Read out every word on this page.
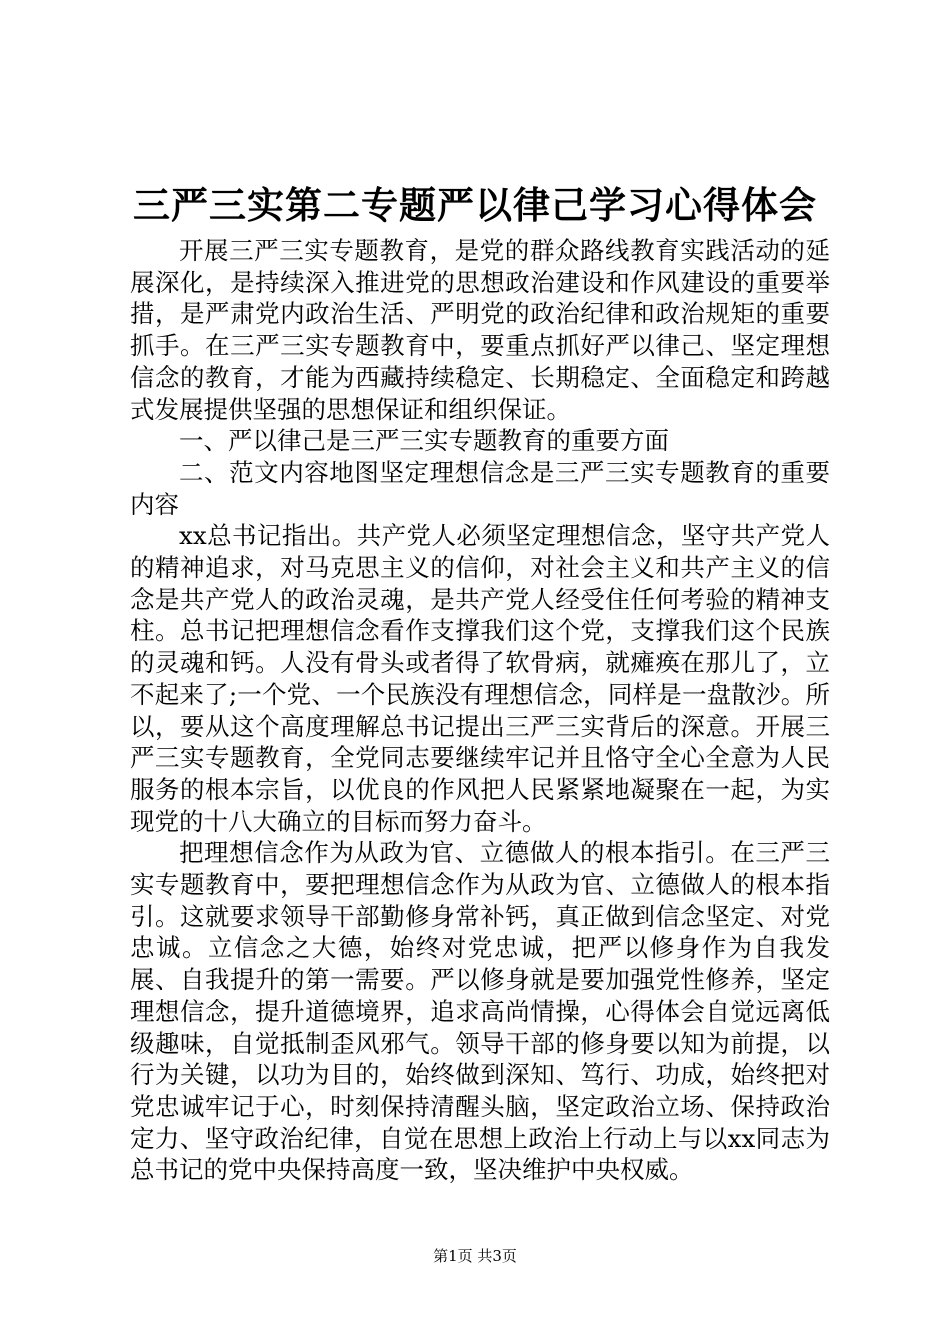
三严三实第二专题严以律己学习心得体会

开展三严三实专题教育，是党的群众路线教育实践活动的延展深化，是持续深入推进党的思想政治建设和作风建设的重要举措，是严肃党内政治生活、严明党的政治纪律和政治规矩的重要抓手。在三严三实专题教育中，要重点抓好严以律己、坚定理想信念的教育，才能为西藏持续稳定、长期稳定、全面稳定和跨越式发展提供坚强的思想保证和组织保证。

一、严以律己是三严三实专题教育的重要方面

二、范文内容地图坚定理想信念是三严三实专题教育的重要内容

xx总书记指出。共产党人必须坚定理想信念，坚守共产党人的精神追求，对马克思主义的信仰，对社会主义和共产主义的信念是共产党人的政治灵魂，是共产党人经受住任何考验的精神支柱。总书记把理想信念看作支撑我们这个党，支撑我们这个民族的灵魂和钙。人没有骨头或者得了软骨病，就瘫痪在那儿了，立不起来了;一个党、一个民族没有理想信念，同样是一盘散沙。所以，要从这个高度理解总书记提出三严三实背后的深意。开展三严三实专题教育，全党同志要继续牢记并且恪守全心全意为人民服务的根本宗旨，以优良的作风把人民紧紧地凝聚在一起，为实现党的十八大确立的目标而努力奋斗。

把理想信念作为从政为官、立德做人的根本指引。在三严三实专题教育中，要把理想信念作为从政为官、立德做人的根本指引。这就要求领导干部勤修身常补钙，真正做到信念坚定、对党忠诚。立信念之大德，始终对党忠诚，把严以修身作为自我发展、自我提升的第一需要。严以修身就是要加强党性修养，坚定理想信念，提升道德境界，追求高尚情操，心得体会自觉远离低级趣味，自觉抵制歪风邪气。领导干部的修身要以知为前提，以行为关键，以功为目的，始终做到深知、笃行、功成，始终把对党忠诚牢记于心，时刻保持清醒头脑，坚定政治立场、保持政治定力、坚守政治纪律，自觉在思想上政治上行动上与以xx同志为总书记的党中央保持高度一致，坚决维护中央权威。

第1页 共3页
